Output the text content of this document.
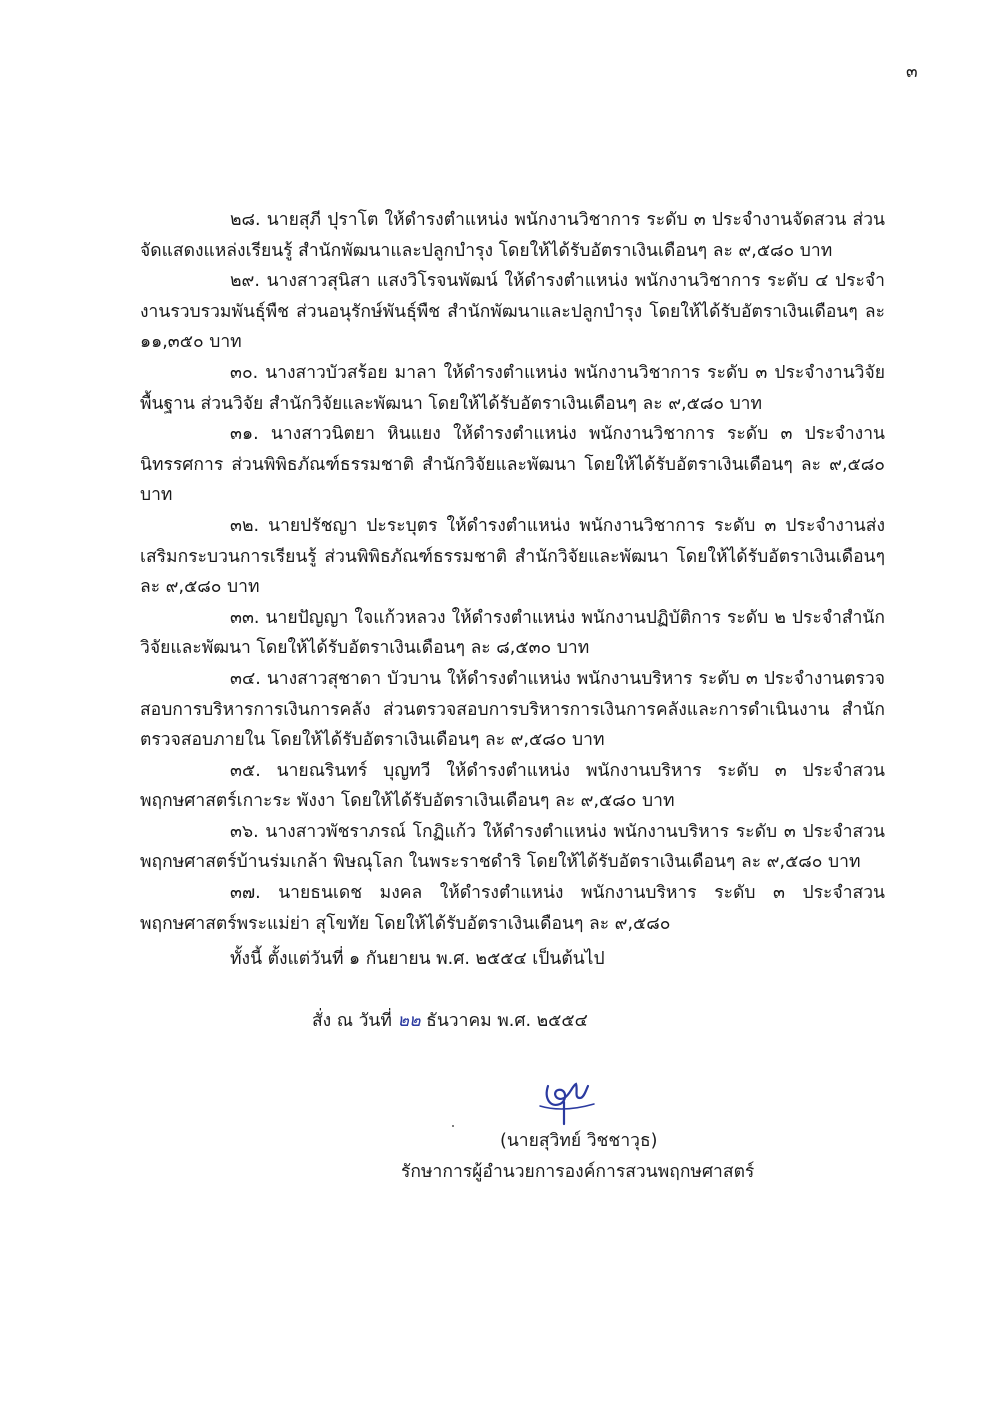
๓

๒๘. นายสุภี ปุราโต ให้ดำรงตำแหน่ง พนักงานวิชาการ ระดับ ๓ ประจำงานจัดสวน ส่วนจัดแสดงแหล่งเรียนรู้ สำนักพัฒนาและปลูกบำรุง โดยให้ได้รับอัตราเงินเดือนๆ ละ ๙,๕๘๐ บาท

๒๙. นางสาวสุนิสา แสงวิโรจนพัฒน์ ให้ดำรงตำแหน่ง พนักงานวิชาการ ระดับ ๔ ประจำงานรวบรวมพันธุ์พืช ส่วนอนุรักษ์พันธุ์พืช สำนักพัฒนาและปลูกบำรุง โดยให้ได้รับอัตราเงินเดือนๆ ละ ๑๑,๓๕๐ บาท

๓๐. นางสาวบัวสร้อย มาลา ให้ดำรงตำแหน่ง พนักงานวิชาการ ระดับ ๓ ประจำงานวิจัยพื้นฐาน ส่วนวิจัย สำนักวิจัยและพัฒนา โดยให้ได้รับอัตราเงินเดือนๆ ละ ๙,๕๘๐ บาท

๓๑. นางสาวนิตยา หินแยง ให้ดำรงตำแหน่ง พนักงานวิชาการ ระดับ ๓ ประจำงานนิทรรศการ ส่วนพิพิธภัณฑ์ธรรมชาติ สำนักวิจัยและพัฒนา โดยให้ได้รับอัตราเงินเดือนๆ ละ ๙,๕๘๐ บาท

๓๒. นายปรัชญา ปะระบุตร ให้ดำรงตำแหน่ง พนักงานวิชาการ ระดับ ๓ ประจำงานส่งเสริมกระบวนการเรียนรู้ ส่วนพิพิธภัณฑ์ธรรมชาติ สำนักวิจัยและพัฒนา โดยให้ได้รับอัตราเงินเดือนๆ ละ ๙,๕๘๐ บาท

๓๓. นายปัญญา ใจแก้วหลวง ให้ดำรงตำแหน่ง พนักงานปฏิบัติการ ระดับ ๒ ประจำสำนักวิจัยและพัฒนา โดยให้ได้รับอัตราเงินเดือนๆ ละ ๘,๕๓๐ บาท

๓๔. นางสาวสุชาดา บัวบาน ให้ดำรงตำแหน่ง พนักงานบริหาร ระดับ ๓ ประจำงานตรวจสอบการบริหารการเงินการคลัง ส่วนตรวจสอบการบริหารการเงินการคลังและการดำเนินงาน สำนักตรวจสอบภายใน โดยให้ได้รับอัตราเงินเดือนๆ ละ ๙,๕๘๐ บาท

๓๕. นายณรินทร์ บุญทวี ให้ดำรงตำแหน่ง พนักงานบริหาร ระดับ ๓ ประจำสวนพฤกษศาสตร์เกาะระ พังงา โดยให้ได้รับอัตราเงินเดือนๆ ละ ๙,๕๘๐ บาท

๓๖. นางสาวพัชราภรณ์ โกฏิแก้ว ให้ดำรงตำแหน่ง พนักงานบริหาร ระดับ ๓ ประจำสวนพฤกษศาสตร์บ้านร่มเกล้า พิษณุโลก ในพระราชดำริ โดยให้ได้รับอัตราเงินเดือนๆ ละ ๙,๕๘๐ บาท

๓๗. นายธนเดช มงคล ให้ดำรงตำแหน่ง พนักงานบริหาร ระดับ ๓ ประจำสวนพฤกษศาสตร์พระแม่ย่า สุโขทัย โดยให้ได้รับอัตราเงินเดือนๆ ละ ๙,๕๘๐

ทั้งนี้ ตั้งแต่วันที่ ๑ กันยายน พ.ศ. ๒๕๕๔ เป็นต้นไป
สั่ง ณ วันที่ ๒๒ ธันวาคม พ.ศ. ๒๕๕๔
(นายสุวิทย์ วิชชาวุธ)
รักษาการผู้อำนวยการองค์การสวนพฤกษศาสตร์
